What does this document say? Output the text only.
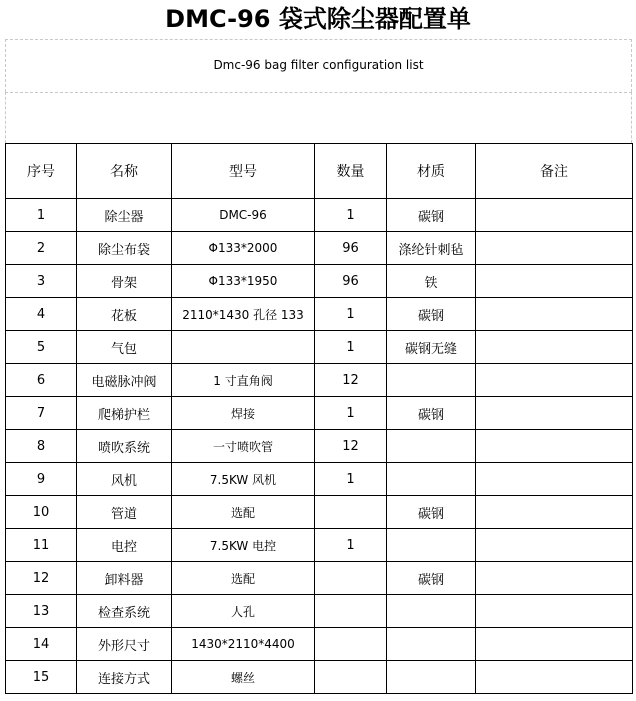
DMC-96 袋式除尘器配置单
Dmc-96 bag filter configuration list
序号	名称	型号	数量	材质	备注
1	除尘器	DMC-96	1	碳钢	
2	除尘布袋	Φ133*2000	96	涤纶针刺毡	
3	骨架	Φ133*1950	96	铁	
4	花板	2110*1430 孔径 133	1	碳钢	
5	气包		1	碳钢无缝	
6	电磁脉冲阀	1 寸直角阀	12		
7	爬梯护栏	焊接	1	碳钢	
8	喷吹系统	一寸喷吹管	12		
9	风机	7.5KW 风机	1		
10	管道	选配		碳钢	
11	电控	7.5KW 电控	1		
12	卸料器	选配		碳钢	
13	检查系统	人孔			
14	外形尺寸	1430*2110*4400			
15	连接方式	螺丝			
